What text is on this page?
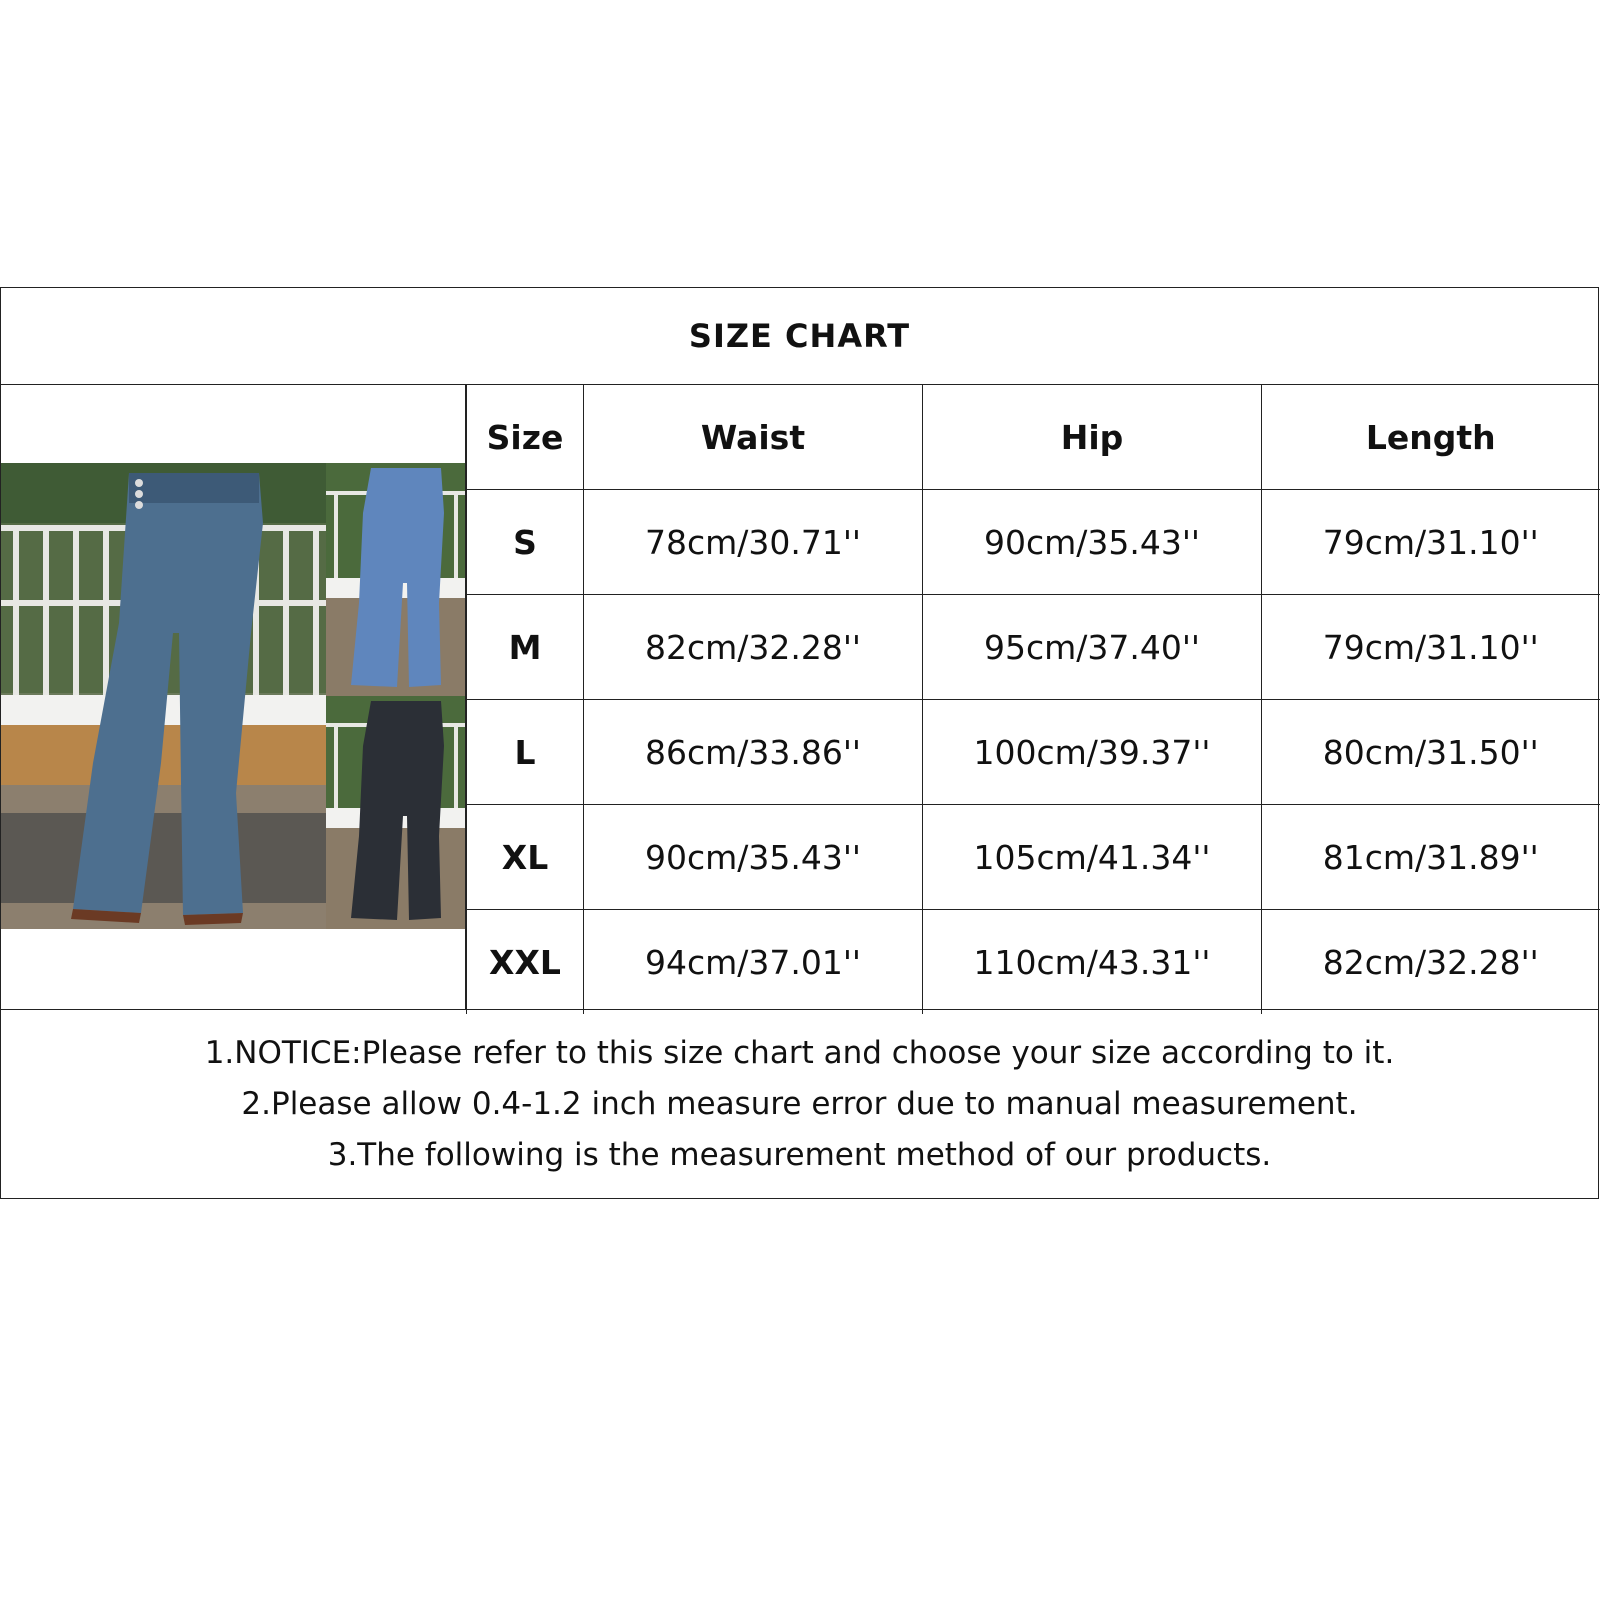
SIZE CHART
Size	Waist	Hip	Length
S	78cm/30.71''	90cm/35.43''	79cm/31.10''
M	82cm/32.28''	95cm/37.40''	79cm/31.10''
L	86cm/33.86''	100cm/39.37''	80cm/31.50''
XL	90cm/35.43''	105cm/41.34''	81cm/31.89''
XXL	94cm/37.01''	110cm/43.31''	82cm/32.28''
1.NOTICE:Please refer to this size chart and choose your size according to it.
2.Please allow 0.4-1.2 inch measure error due to manual measurement.
3.The following is the measurement method of our products.
